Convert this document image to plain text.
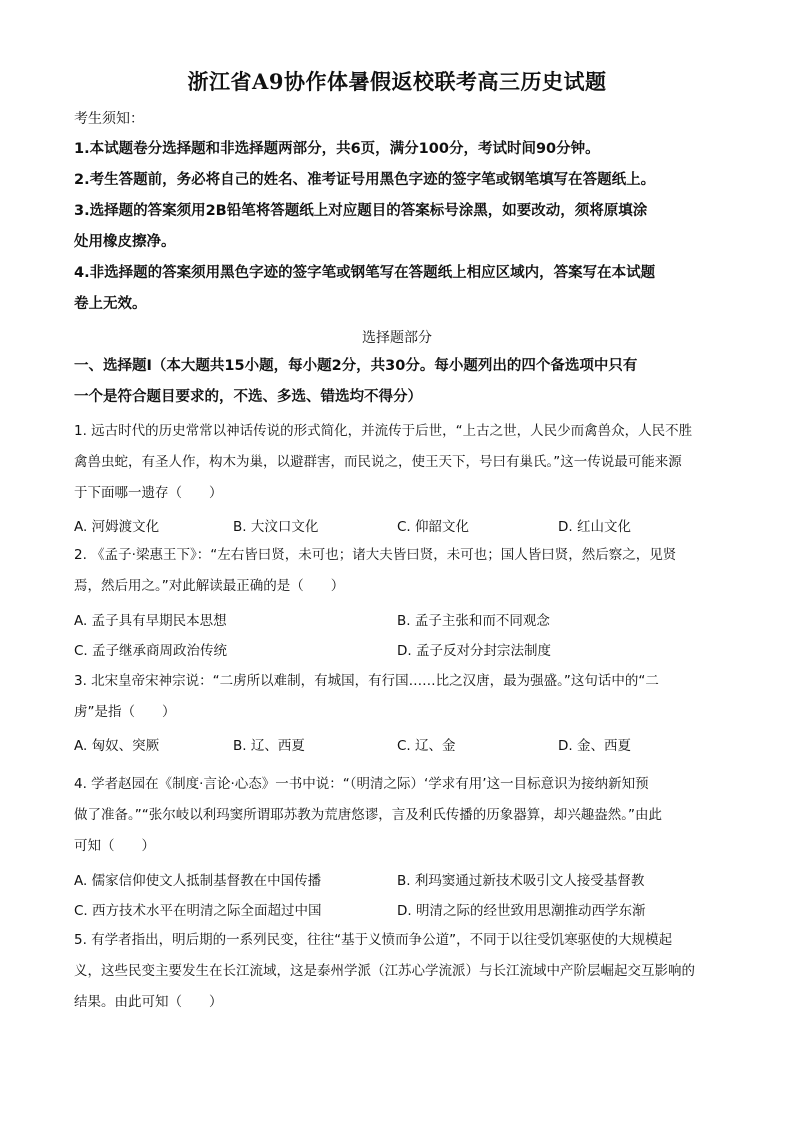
浙江省A9协作体暑假返校联考高三历史试题
考生须知：
1.本试题卷分选择题和非选择题两部分，共6页，满分100分，考试时间90分钟。
2.考生答题前，务必将自己的姓名、准考证号用黑色字迹的签字笔或钢笔填写在答题纸上。
3.选择题的答案须用2B铅笔将答题纸上对应题目的答案标号涂黑，如要改动，须将原填涂
处用橡皮擦净。
4.非选择题的答案须用黑色字迹的签字笔或钢笔写在答题纸上相应区域内，答案写在本试题
卷上无效。
选择题部分
一、选择题Ⅰ（本大题共15小题，每小题2分，共30分。每小题列出的四个备选项中只有
一个是符合题目要求的，不选、多选、错选均不得分）
1. 远古时代的历史常常以神话传说的形式简化，并流传于后世，“上古之世，人民少而禽兽众，人民不胜
禽兽虫蛇，有圣人作，构木为巢，以避群害，而民说之，使王天下，号曰有巢氏。”这一传说最可能来源
于下面哪一遗存（　　）
A. 河姆渡文化	B. 大汶口文化	C. 仰韶文化	D. 红山文化
2. 《孟子·梁惠王下》：“左右皆曰贤，未可也；诸大夫皆曰贤，未可也；国人皆曰贤，然后察之，见贤
焉，然后用之。”对此解读最正确的是（　　）
A. 孟子具有早期民本思想	B. 孟子主张和而不同观念
C. 孟子继承商周政治传统	D. 孟子反对分封宗法制度
3. 北宋皇帝宋神宗说：“二虏所以难制，有城国，有行国……比之汉唐，最为强盛。”这句话中的“二
虏”是指（　　）
A. 匈奴、突厥	B. 辽、西夏	C. 辽、金	D. 金、西夏
4. 学者赵园在《制度·言论·心态》一书中说：“（明清之际）‘学求有用’这一目标意识为接纳新知预
做了准备。”“张尔岐以利玛窦所谓耶苏教为荒唐悠谬，言及利氏传播的历象器算，却兴趣盎然。”由此
可知（　　）
A. 儒家信仰使文人抵制基督教在中国传播	B. 利玛窦通过新技术吸引文人接受基督教
C. 西方技术水平在明清之际全面超过中国	D. 明清之际的经世致用思潮推动西学东渐
5. 有学者指出，明后期的一系列民变，往往“基于义愤而争公道”，不同于以往受饥寒驱使的大规模起
义，这些民变主要发生在长江流域，这是泰州学派（江苏心学流派）与长江流域中产阶层崛起交互影响的
结果。由此可知（　　）
